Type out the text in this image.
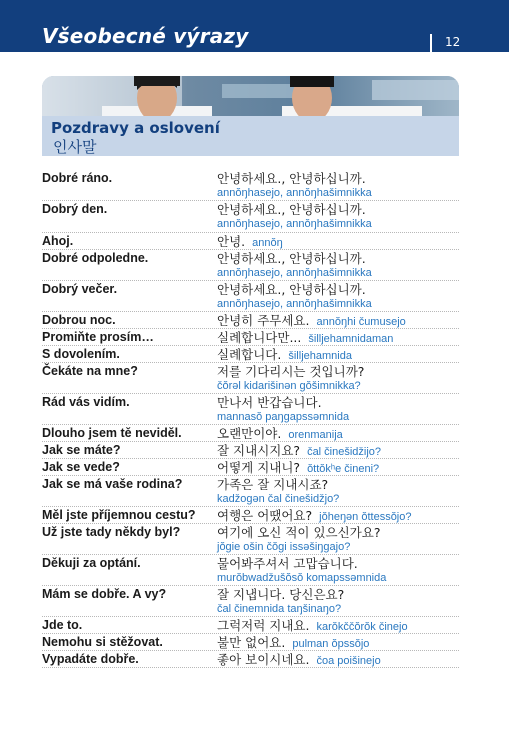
Všeobecné výrazy	12
Pozdravy a oslovení
인사말
Dobré ráno.	안녕하세요., 안녕하십니까.
annŏŋhasejo, annŏŋhašimnikka
Dobrý den.	안녕하세요., 안녕하십니까.
annŏŋhasejo, annŏŋhašimnikka
Ahoj.	안녕. annŏŋ
Dobré odpoledne.	안녕하세요., 안녕하십니까.
annŏŋhasejo, annŏŋhašimnikka
Dobrý večer.	안녕하세요., 안녕하십니까.
annŏŋhasejo, annŏŋhašimnikka
Dobrou noc.	안녕히 주무세요. annŏŋhi čumusejo
Promiňte prosím…	실례합니다만... šilljehamnidaman
S dovolením.	실례합니다. šilljehamnida
Čekáte na mne?	저를 기다리시는 것입니까?
čŏrəl kidarišinən gŏšimnikka?
Rád vás vidím.	만나서 반갑습니다.
mannasŏ paŋgapssəmnida
Dlouho jsem tě neviděl.	오랜만이야. orenmanija
Jak se máte?	잘 지내시지요? čal činešidžijo?
Jak se vede?	어떻게 지내니? ŏttŏkʰe čineni?
Jak se má vaše rodina?	가족은 잘 지내시죠?
kadžogən čal činešidžjo?
Měl jste příjemnou cestu?	여행은 어땠어요? jŏheŋən ŏttessŏjo?
Už jste tady někdy byl?	여기에 오신 적이 있으신가요?
jŏgie ošin čŏgi issəšiŋgajo?
Děkuji za optání.	물어봐주셔서 고맙습니다.
murŏbwadžušŏsŏ komapssəmnida
Mám se dobře. A vy?	잘 지냅니다. 당신은요?
čal činemnida taŋšinaŋo?
Jde to.	그럭저럭 지내요. karŏkččŏrŏk činejo
Nemohu si stěžovat.	불만 없어요. pulman ŏpssŏjo
Vypadáte dobře.	좋아 보이시네요. čoa poišinejo
